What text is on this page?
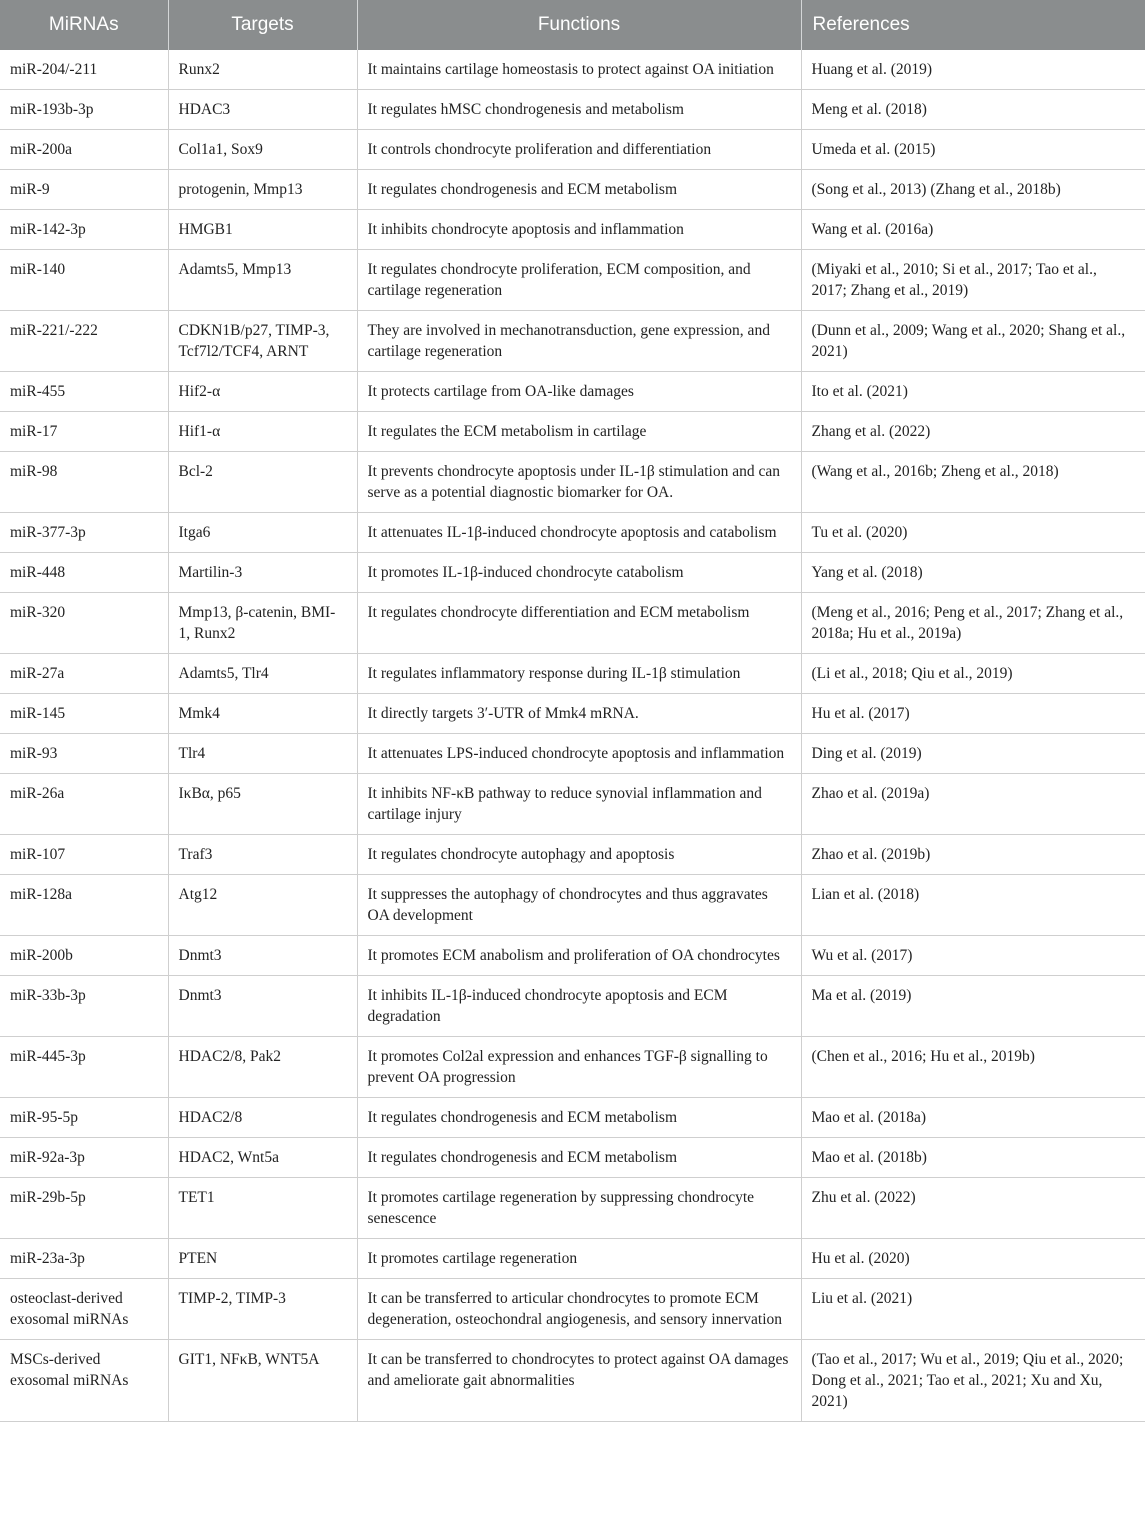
MiRNAs	Targets	Functions	References
miR-204/-211	Runx2	It maintains cartilage homeostasis to protect against OA initiation	Huang et al. (2019)
miR-193b-3p	HDAC3	It regulates hMSC chondrogenesis and metabolism	Meng et al. (2018)
miR-200a	Col1a1, Sox9	It controls chondrocyte proliferation and differentiation	Umeda et al. (2015)
miR-9	protogenin, Mmp13	It regulates chondrogenesis and ECM metabolism	(Song et al., 2013) (Zhang et al., 2018b)
miR-142-3p	HMGB1	It inhibits chondrocyte apoptosis and inflammation	Wang et al. (2016a)
miR-140	Adamts5, Mmp13	It regulates chondrocyte proliferation, ECM composition, and cartilage regeneration	(Miyaki et al., 2010; Si et al., 2017; Tao et al., 2017; Zhang et al., 2019)
miR-221/-222	CDKN1B/p27, TIMP-3, Tcf7l2/TCF4, ARNT	They are involved in mechanotransduction, gene expression, and cartilage regeneration	(Dunn et al., 2009; Wang et al., 2020; Shang et al., 2021)
miR-455	Hif2-α	It protects cartilage from OA-like damages	Ito et al. (2021)
miR-17	Hif1-α	It regulates the ECM metabolism in cartilage	Zhang et al. (2022)
miR-98	Bcl-2	It prevents chondrocyte apoptosis under IL-1β stimulation and can serve as a potential diagnostic biomarker for OA.	(Wang et al., 2016b; Zheng et al., 2018)
miR-377-3p	Itga6	It attenuates IL-1β-induced chondrocyte apoptosis and catabolism	Tu et al. (2020)
miR-448	Martilin-3	It promotes IL-1β-induced chondrocyte catabolism	Yang et al. (2018)
miR-320	Mmp13, β-catenin, BMI-1, Runx2	It regulates chondrocyte differentiation and ECM metabolism	(Meng et al., 2016; Peng et al., 2017; Zhang et al., 2018a; Hu et al., 2019a)
miR-27a	Adamts5, Tlr4	It regulates inflammatory response during IL-1β stimulation	(Li et al., 2018; Qiu et al., 2019)
miR-145	Mmk4	It directly targets 3′-UTR of Mmk4 mRNA.	Hu et al. (2017)
miR-93	Tlr4	It attenuates LPS-induced chondrocyte apoptosis and inflammation	Ding et al. (2019)
miR-26a	IκBα, p65	It inhibits NF-κB pathway to reduce synovial inflammation and cartilage injury	Zhao et al. (2019a)
miR-107	Traf3	It regulates chondrocyte autophagy and apoptosis	Zhao et al. (2019b)
miR-128a	Atg12	It suppresses the autophagy of chondrocytes and thus aggravates OA development	Lian et al. (2018)
miR-200b	Dnmt3	It promotes ECM anabolism and proliferation of OA chondrocytes	Wu et al. (2017)
miR-33b-3p	Dnmt3	It inhibits IL-1β-induced chondrocyte apoptosis and ECM degradation	Ma et al. (2019)
miR-445-3p	HDAC2/8, Pak2	It promotes Col2al expression and enhances TGF-β signalling to prevent OA progression	(Chen et al., 2016; Hu et al., 2019b)
miR-95-5p	HDAC2/8	It regulates chondrogenesis and ECM metabolism	Mao et al. (2018a)
miR-92a-3p	HDAC2, Wnt5a	It regulates chondrogenesis and ECM metabolism	Mao et al. (2018b)
miR-29b-5p	TET1	It promotes cartilage regeneration by suppressing chondrocyte senescence	Zhu et al. (2022)
miR-23a-3p	PTEN	It promotes cartilage regeneration	Hu et al. (2020)
osteoclast-derived exosomal miRNAs	TIMP-2, TIMP-3	It can be transferred to articular chondrocytes to promote ECM degeneration, osteochondral angiogenesis, and sensory innervation	Liu et al. (2021)
MSCs-derived exosomal miRNAs	GIT1, NFκB, WNT5A	It can be transferred to chondrocytes to protect against OA damages and ameliorate gait abnormalities	(Tao et al., 2017; Wu et al., 2019; Qiu et al., 2020; Dong et al., 2021; Tao et al., 2021; Xu and Xu, 2021)
